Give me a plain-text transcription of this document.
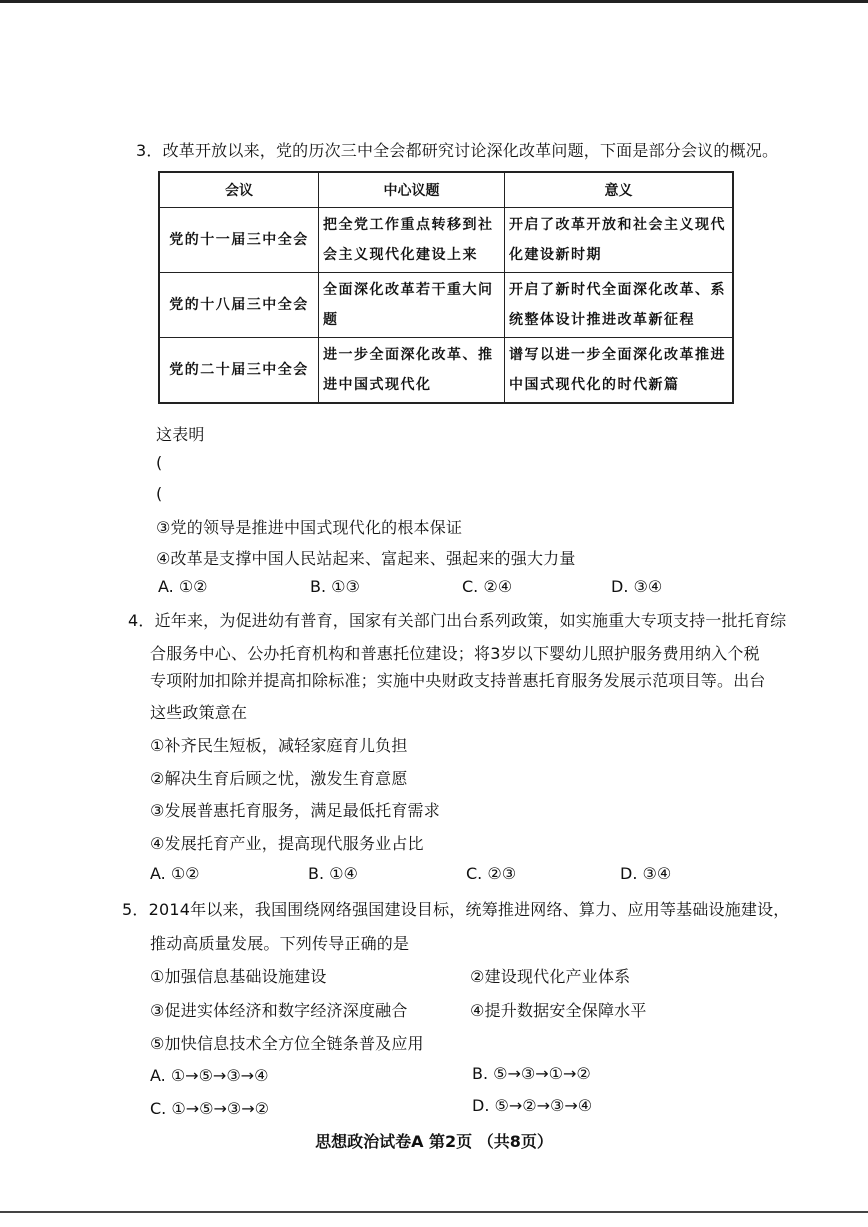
3．改革开放以来，党的历次三中全会都研究讨论深化改革问题，下面是部分会议的概况。
会议	中心议题	意义
党的十一届三中全会	把全党工作重点转移到社会主义现代化建设上来	开启了改革开放和社会主义现代化建设新时期
党的十八届三中全会	全面深化改革若干重大问题	开启了新时代全面深化改革、系统整体设计推进改革新征程
党的二十届三中全会	进一步全面深化改革、推进中国式现代化	谱写以进一步全面深化改革推进中国式现代化的时代新篇
这表明
(
(
③党的领导是推进中国式现代化的根本保证
④改革是支撑中国人民站起来、富起来、强起来的强大力量
A. ①②	B. ①③	C. ②④	D. ③④
4．近年来，为促进幼有普育，国家有关部门出台系列政策，如实施重大专项支持一批托育综
合服务中心、公办托育机构和普惠托位建设；将3岁以下婴幼儿照护服务费用纳入个税
专项附加扣除并提高扣除标准；实施中央财政支持普惠托育服务发展示范项目等。出台
这些政策意在
①补齐民生短板，减轻家庭育儿负担
②解决生育后顾之忧，激发生育意愿
③发展普惠托育服务，满足最低托育需求
④发展托育产业，提高现代服务业占比
A. ①②	B. ①④	C. ②③	D. ③④
5．2014年以来，我国围绕网络强国建设目标，统筹推进网络、算力、应用等基础设施建设，
推动高质量发展。下列传导正确的是
①加强信息基础设施建设	②建设现代化产业体系
③促进实体经济和数字经济深度融合	④提升数据安全保障水平
⑤加快信息技术全方位全链条普及应用
A. ①→⑤→③→④	B. ⑤→③→①→②
C. ①→⑤→③→②	D. ⑤→②→③→④
思想政治试卷A 第2页 （共8页）
